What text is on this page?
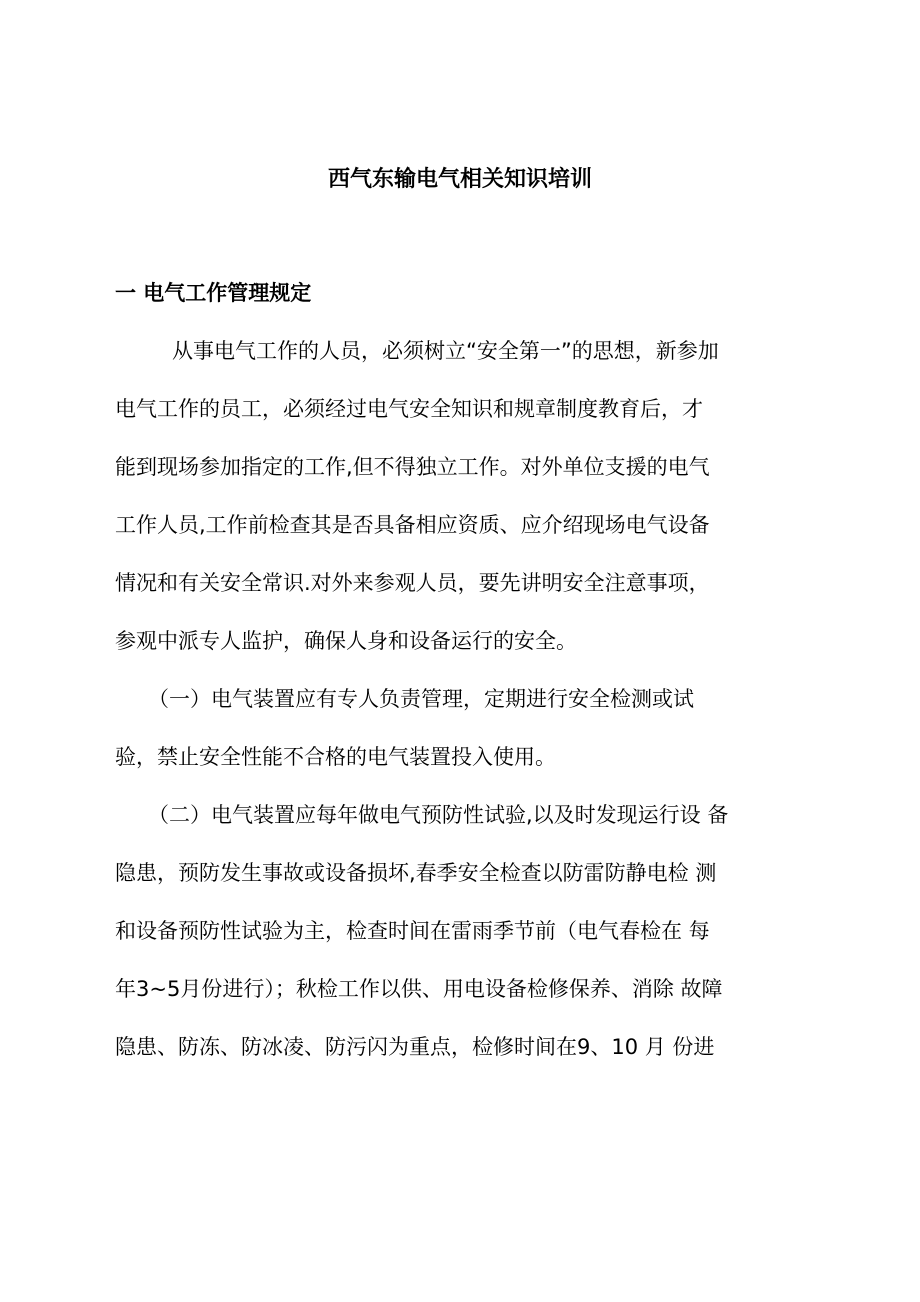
西气东输电气相关知识培训
一 电气工作管理规定

从事电气工作的人员，必须树立“安全第一”的思想，新参加

电气工作的员工，必须经过电气安全知识和规章制度教育后，才

能到现场参加指定的工作,但不得独立工作。对外单位支援的电气

工作人员,工作前检查其是否具备相应资质、应介绍现场电气设备

情况和有关安全常识.对外来参观人员，要先讲明安全注意事项，

参观中派专人监护，确保人身和设备运行的安全。

（一）电气装置应有专人负责管理，定期进行安全检测或试

验，禁止安全性能不合格的电气装置投入使用。

（二）电气装置应每年做电气预防性试验,以及时发现运行设 备

隐患，预防发生事故或设备损坏,春季安全检查以防雷防静电检 测

和设备预防性试验为主，检查时间在雷雨季节前（电气春检在 每

年3~5月份进行）；秋检工作以供、用电设备检修保养、消除 故障

隐患、防冻、防冰凌、防污闪为重点，检修时间在9、10 月 份进
